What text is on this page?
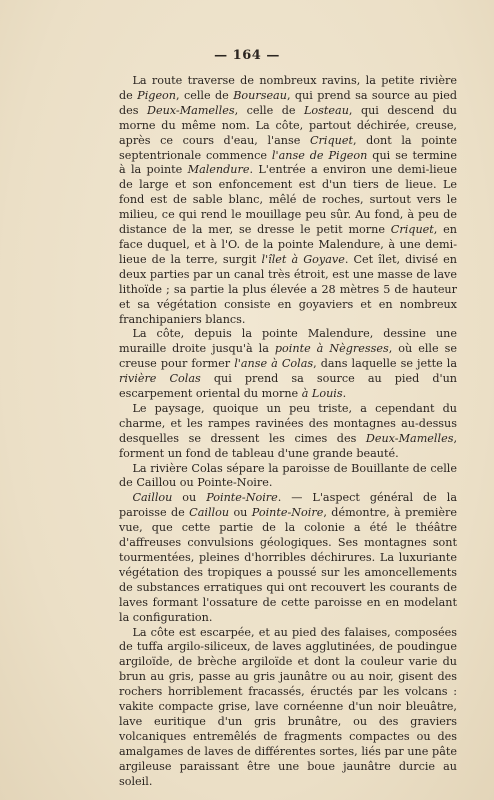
— 164 —

La route traverse de nombreux ravins, la petite rivière de Pigeon, celle de Bourseau, qui prend sa source au pied des Deux-Mamelles, celle de Losteau, qui descend du morne du même nom. La côte, partout déchirée, creuse, après ce cours d'eau, l'anse Criquet, dont la pointe septentrionale commence l'anse de Pigeon qui se termine à la pointe Malendure. L'entrée a environ une demi-lieue de large et son enfoncement est d'un tiers de lieue. Le fond est de sable blanc, mêlé de roches, surtout vers le milieu, ce qui rend le mouillage peu sûr. Au fond, à peu de distance de la mer, se dresse le petit morne Criquet, en face duquel, et à l'O. de la pointe Malendure, à une demi-lieue de la terre, surgit l'îlet à Goyave. Cet îlet, divisé en deux parties par un canal très étroit, est une masse de lave lithoïde ; sa partie la plus élevée a 28 mètres 5 de hauteur et sa végétation consiste en goyaviers et en nombreux franchipaniers blancs.

La côte, depuis la pointe Malendure, dessine une muraille droite jusqu'à la pointe à Nègresses, où elle se creuse pour former l'anse à Colas, dans laquelle se jette la rivière Colas qui prend sa source au pied d'un escarpement oriental du morne à Louis.

Le paysage, quoique un peu triste, a cependant du charme, et les rampes ravinées des montagnes au-dessus desquelles se dressent les cimes des Deux-Mamelles, forment un fond de tableau d'une grande beauté.

La rivière Colas sépare la paroisse de Bouillante de celle de Caillou ou Pointe-Noire.

Caillou ou Pointe-Noire. — L'aspect général de la paroisse de Caillou ou Pointe-Noire, démontre, à première vue, que cette partie de la colonie a été le théâtre d'affreuses convulsions géologiques. Ses montagnes sont tourmentées, pleines d'horribles déchirures. La luxuriante végétation des tropiques a poussé sur les amoncellements de substances erratiques qui ont recouvert les courants de laves formant l'ossature de cette paroisse en en modelant la configuration.

La côte est escarpée, et au pied des falaises, composées de tuffa argilo-siliceux, de laves agglutinées, de poudingue argiloïde, de brèche argiloïde et dont la couleur varie du brun au gris, passe au gris jaunâtre ou au noir, gisent des rochers horriblement fracassés, éructés par les volcans : vakite compacte grise, lave cornéenne d'un noir bleuâtre, lave euritique d'un gris brunâtre, ou des graviers volcaniques entremêlés de fragments compactes ou des amalgames de laves de différentes sortes, liés par une pâte argileuse paraissant être une boue jaunâtre durcie au soleil.
